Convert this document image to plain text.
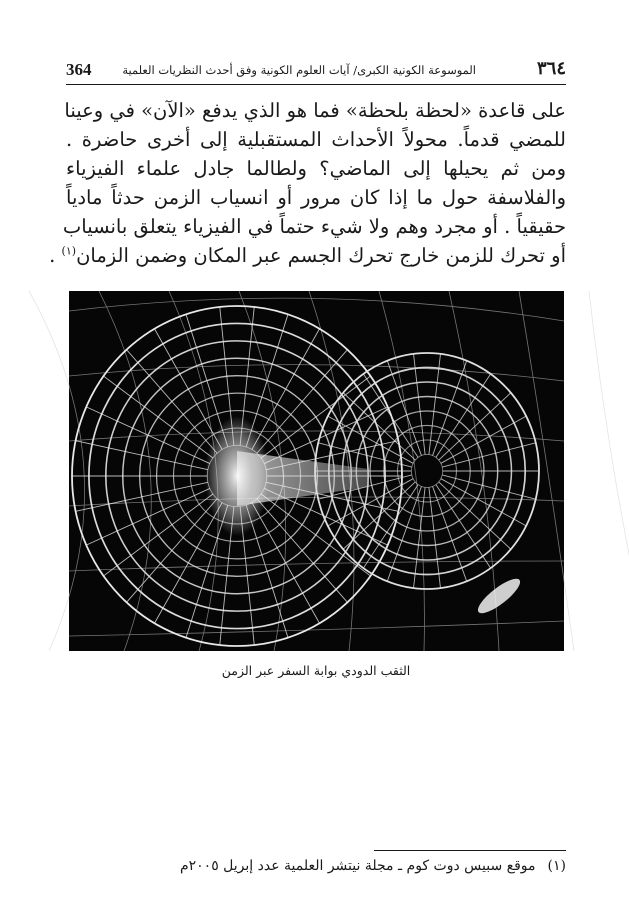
364	الموسوعة الكونية الكبرى/ آيات العلوم الكونية وفق أحدث النظريات العلمية	٣٦٤
على قاعدة «لحظة بلحظة» فما هو الذي يدفع «الآن» في وعينا
للمضي قدماً. محولاً الأحداث المستقبلية إلى أخرى حاضرة .
ومن ثم يحيلها إلى الماضي؟ ولطالما جادل علماء الفيزياء
والفلاسفة حول ما إذا كان مرور أو انسياب الزمن حدثاً مادياً
حقيقياً . أو مجرد وهم ولا شيء حتماً في الفيزياء يتعلق بانسياب
أو تحرك للزمن خارج تحرك الجسم عبر المكان وضمن الزمان$^{(١)}$ .
الثقب الدودي بوابة السفر عبر الزمن
(١)موقع سبيس دوت كوم ـ مجلة نيتشر العلمية عدد إبريل ٢٠٠٥م
